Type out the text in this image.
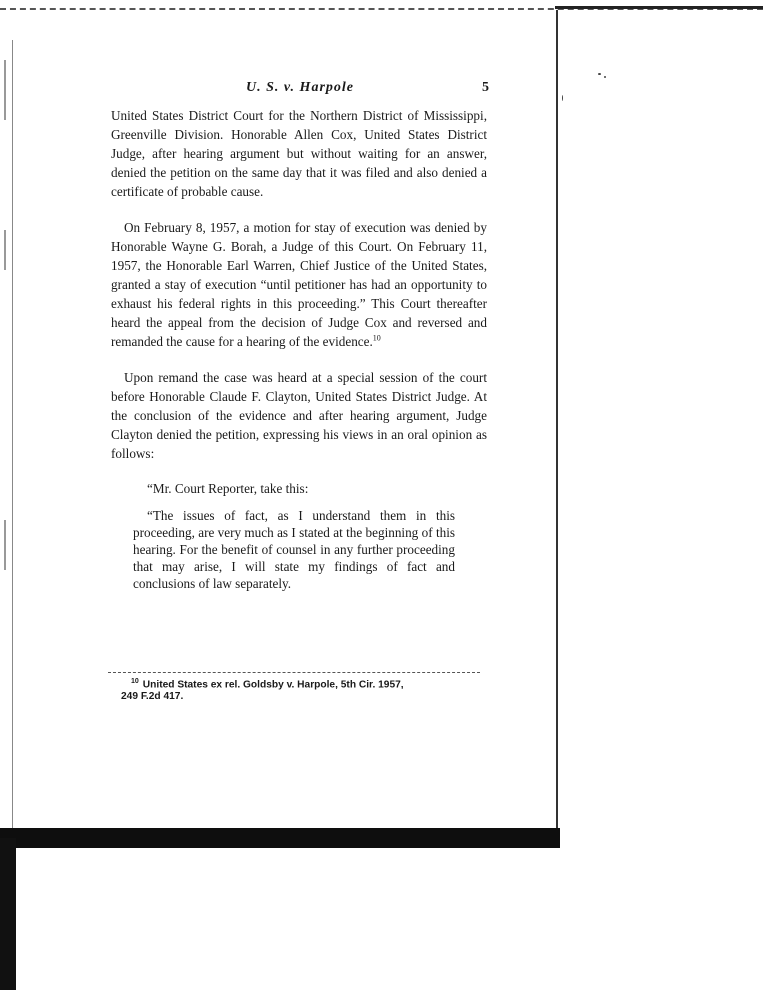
U. S. v. Harpole	5

United States District Court for the Northern District of Mississippi, Greenville Division. Honorable Allen Cox, United States District Judge, after hearing argument but without waiting for an answer, denied the petition on the same day that it was filed and also denied a certificate of probable cause.

On February 8, 1957, a motion for stay of execution was denied by Honorable Wayne G. Borah, a Judge of this Court. On February 11, 1957, the Honorable Earl Warren, Chief Justice of the United States, granted a stay of execution “until petitioner has had an opportunity to exhaust his federal rights in this proceeding.” This Court thereafter heard the appeal from the decision of Judge Cox and reversed and remanded the cause for a hearing of the evidence.$^{10}$

Upon remand the case was heard at a special session of the court before Honorable Claude F. Clayton, United States District Judge. At the conclusion of the evidence and after hearing argument, Judge Clayton denied the petition, expressing his views in an oral opinion as follows:

“Mr. Court Reporter, take this:

“The issues of fact, as I understand them in this proceeding, are very much as I stated at the beginning of this hearing. For the benefit of counsel in any further proceeding that may arise, I will state my findings of fact and conclusions of law separately.

$^{10}$ United States ex rel. Goldsby v. Harpole, 5th Cir. 1957,
249 F.2d 417.
